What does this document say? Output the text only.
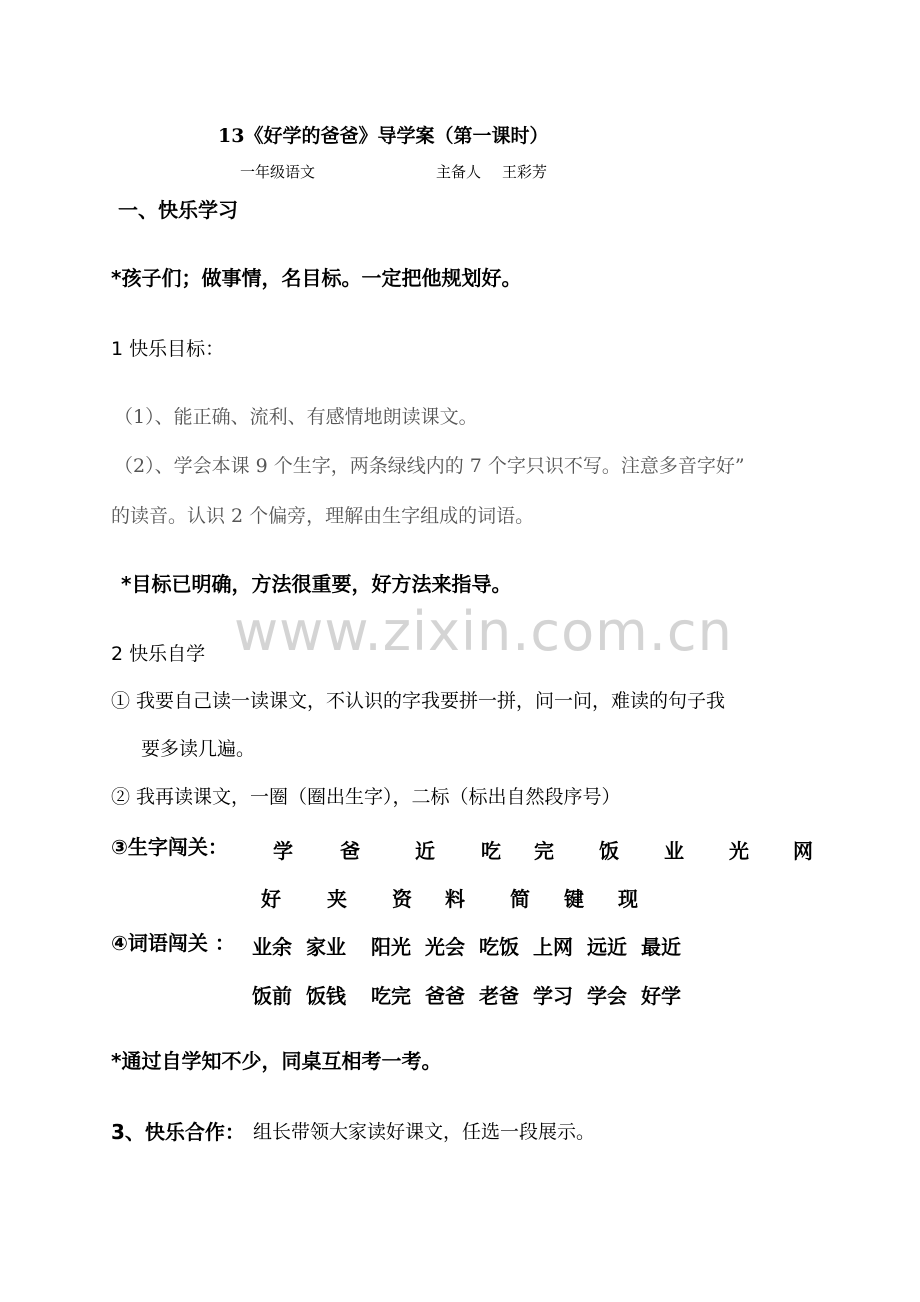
13《好学的爸爸》导学案（第一课时）
一年级语文	主备人 王彩芳
一、快乐学习
*孩子们；做事情，名目标。一定把他规划好。
1 快乐目标：
（1）、能正确、流利、有感情地朗读课文。
（2）、学会本课 9 个生字，两条绿线内的 7 个字只识不写。注意多音字好”
的读音。认识 2 个偏旁，理解由生字组成的词语。
*目标已明确，方法很重要，好方法来指导。
www.zixin.com.cn
2 快乐自学
① 我要自己读一读课文，不认识的字我要拼一拼，问一问，难读的句子我
要多读几遍。
② 我再读课文，一圈（圈出生字），二标（标出自然段序号）
③生字闯关： 学 爸	近 吃 完 饭 业 光 网
好 夹 资 料 简 键 现
④词语闯关 ： 业余 家业 阳光 光会 吃饭 上网 远近 最近
饭前 饭钱 吃完 爸爸 老爸 学习 学会 好学
*通过自学知不少，同桌互相考一考。
3、快乐合作： 组长带领大家读好课文，任选一段展示。
